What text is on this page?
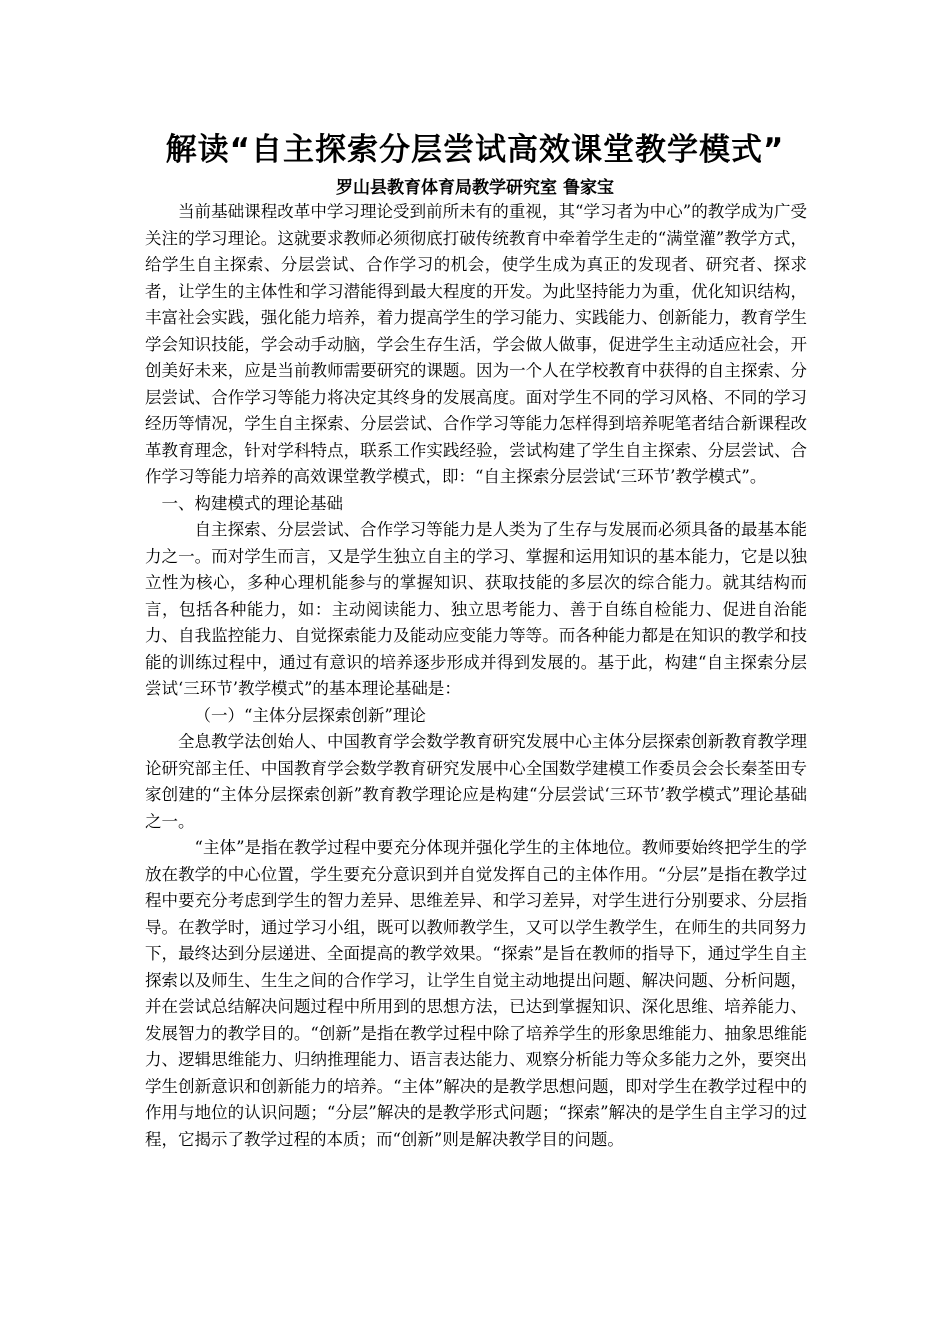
解读“自主探索分层尝试高效课堂教学模式”
罗山县教育体育局教学研究室 鲁家宝

当前基础课程改革中学习理论受到前所未有的重视，其“学习者为中心”的教学成为广受关注的学习理论。这就要求教师必须彻底打破传统教育中牵着学生走的“满堂灌”教学方式，给学生自主探索、分层尝试、合作学习的机会，使学生成为真正的发现者、研究者、探求者，让学生的主体性和学习潜能得到最大程度的开发。为此坚持能力为重，优化知识结构，丰富社会实践，强化能力培养，着力提高学生的学习能力、实践能力、创新能力，教育学生学会知识技能，学会动手动脑，学会生存生活，学会做人做事，促进学生主动适应社会，开创美好未来，应是当前教师需要研究的课题。因为一个人在学校教育中获得的自主探索、分层尝试、合作学习等能力将决定其终身的发展高度。面对学生不同的学习风格、不同的学习经历等情况，学生自主探索、分层尝试、合作学习等能力怎样得到培养呢笔者结合新课程改革教育理念，针对学科特点，联系工作实践经验，尝试构建了学生自主探索、分层尝试、合作学习等能力培养的高效课堂教学模式，即：“自主探索分层尝试‘三环节’教学模式”。

一、构建模式的理论基础

自主探索、分层尝试、合作学习等能力是人类为了生存与发展而必须具备的最基本能力之一。而对学生而言，又是学生独立自主的学习、掌握和运用知识的基本能力，它是以独立性为核心，多种心理机能参与的掌握知识、获取技能的多层次的综合能力。就其结构而言，包括各种能力，如：主动阅读能力、独立思考能力、善于自练自检能力、促进自治能力、自我监控能力、自觉探索能力及能动应变能力等等。而各种能力都是在知识的教学和技能的训练过程中，通过有意识的培养逐步形成并得到发展的。基于此，构建“自主探索分层尝试‘三环节’教学模式”的基本理论基础是：

（一）“主体分层探索创新”理论

全息教学法创始人、中国教育学会数学教育研究发展中心主体分层探索创新教育教学理论研究部主任、中国教育学会数学教育研究发展中心全国数学建模工作委员会会长秦荃田专家创建的“主体分层探索创新”教育教学理论应是构建“分层尝试‘三环节’教学模式”理论基础之一。

“主体”是指在教学过程中要充分体现并强化学生的主体地位。教师要始终把学生的学放在教学的中心位置，学生要充分意识到并自觉发挥自己的主体作用。“分层”是指在教学过程中要充分考虑到学生的智力差异、思维差异、和学习差异，对学生进行分别要求、分层指导。在教学时，通过学习小组，既可以教师教学生，又可以学生教学生，在师生的共同努力下，最终达到分层递进、全面提高的教学效果。“探索”是旨在教师的指导下，通过学生自主探索以及师生、生生之间的合作学习，让学生自觉主动地提出问题、解决问题、分析问题，并在尝试总结解决问题过程中所用到的思想方法，已达到掌握知识、深化思维、培养能力、发展智力的教学目的。“创新”是指在教学过程中除了培养学生的形象思维能力、抽象思维能力、逻辑思维能力、归纳推理能力、语言表达能力、观察分析能力等众多能力之外，要突出学生创新意识和创新能力的培养。“主体”解决的是教学思想问题，即对学生在教学过程中的作用与地位的认识问题；“分层”解决的是教学形式问题；“探索”解决的是学生自主学习的过程，它揭示了教学过程的本质；而“创新”则是解决教学目的问题。
